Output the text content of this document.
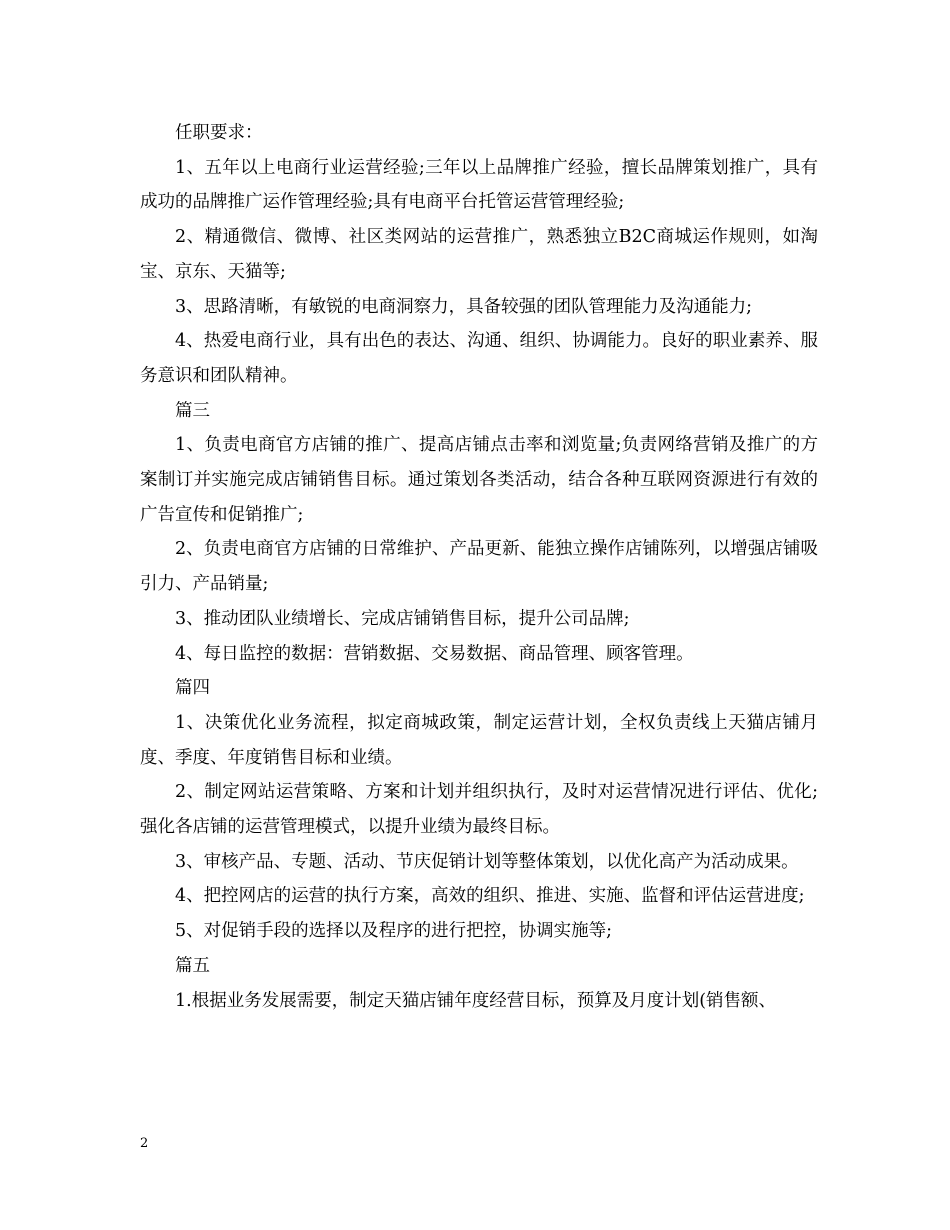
任职要求：

1、五年以上电商行业运营经验;三年以上品牌推广经验，擅长品牌策划推广，具有成功的品牌推广运作管理经验;具有电商平台托管运营管理经验;

2、精通微信、微博、社区类网站的运营推广，熟悉独立B2C商城运作规则，如淘宝、京东、天猫等;

3、思路清晰，有敏锐的电商洞察力，具备较强的团队管理能力及沟通能力;

4、热爱电商行业，具有出色的表达、沟通、组织、协调能力。良好的职业素养、服务意识和团队精神。

篇三

1、负责电商官方店铺的推广、提高店铺点击率和浏览量;负责网络营销及推广的方案制订并实施完成店铺销售目标。通过策划各类活动，结合各种互联网资源进行有效的广告宣传和促销推广;

2、负责电商官方店铺的日常维护、产品更新、能独立操作店铺陈列，以增强店铺吸引力、产品销量;

3、推动团队业绩增长、完成店铺销售目标，提升公司品牌;

4、每日监控的数据：营销数据、交易数据、商品管理、顾客管理。

篇四

1、决策优化业务流程，拟定商城政策，制定运营计划，全权负责线上天猫店铺月度、季度、年度销售目标和业绩。

2、制定网站运营策略、方案和计划并组织执行，及时对运营情况进行评估、优化;强化各店铺的运营管理模式，以提升业绩为最终目标。

3、审核产品、专题、活动、节庆促销计划等整体策划，以优化高产为活动成果。

4、把控网店的运营的执行方案，高效的组织、推进、实施、监督和评估运营进度;

5、对促销手段的选择以及程序的进行把控，协调实施等;

篇五

1.根据业务发展需要，制定天猫店铺年度经营目标，预算及月度计划(销售额、

2
